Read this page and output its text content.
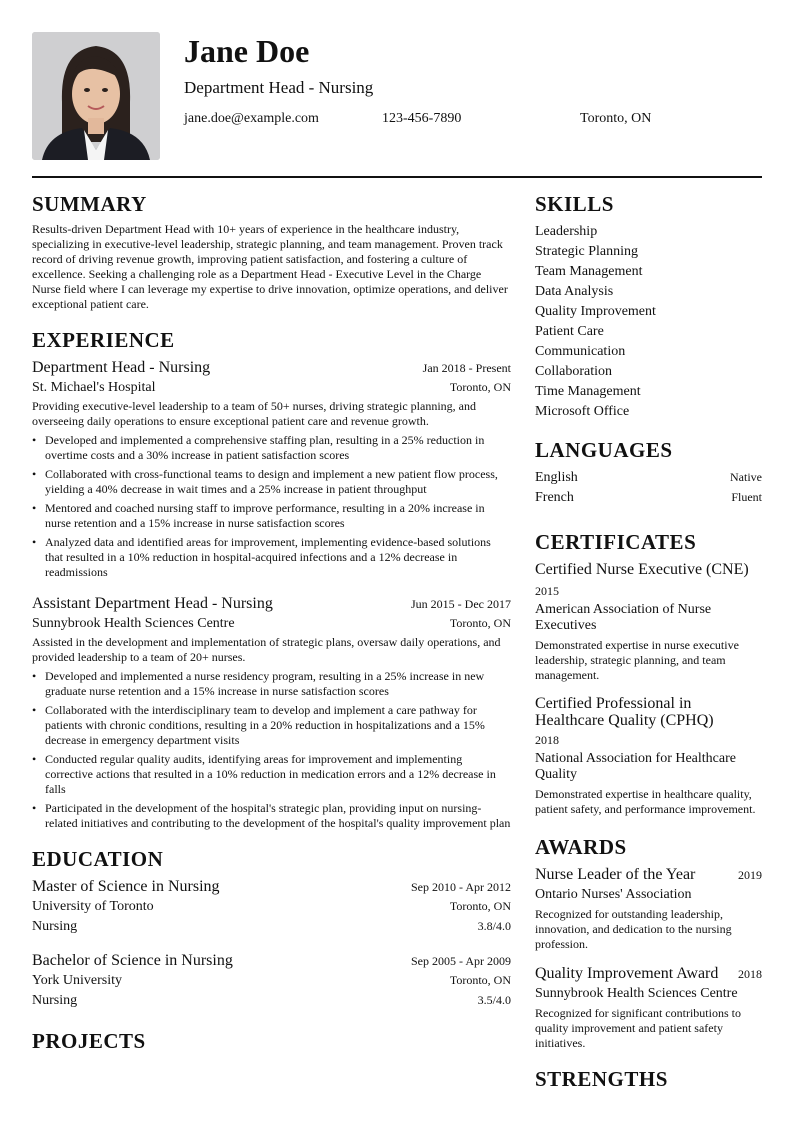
Jane Doe
Department Head - Nursing
jane.doe@example.com	123-456-7890	Toronto, ON
SUMMARY

Results-driven Department Head with 10+ years of experience in the healthcare industry, specializing in executive-level leadership, strategic planning, and team management. Proven track record of driving revenue growth, improving patient satisfaction, and fostering a culture of excellence. Seeking a challenging role as a Department Head - Executive Level in the Charge Nurse field where I can leverage my expertise to drive innovation, optimize operations, and deliver exceptional patient care.

EXPERIENCE
Department Head - Nursing	Jan 2018 - Present
St. Michael's Hospital	Toronto, ON

Providing executive-level leadership to a team of 50+ nurses, driving strategic planning, and overseeing daily operations to ensure exceptional patient care and revenue growth.

• Developed and implemented a comprehensive staffing plan, resulting in a 25% reduction in overtime costs and a 30% increase in patient satisfaction scores
• Collaborated with cross-functional teams to design and implement a new patient flow process, yielding a 40% decrease in wait times and a 25% increase in patient throughput
• Mentored and coached nursing staff to improve performance, resulting in a 20% increase in nurse retention and a 15% increase in nurse satisfaction scores
• Analyzed data and identified areas for improvement, implementing evidence-based solutions that resulted in a 10% reduction in hospital-acquired infections and a 12% decrease in readmissions
Assistant Department Head - Nursing	Jun 2015 - Dec 2017
Sunnybrook Health Sciences Centre	Toronto, ON

Assisted in the development and implementation of strategic plans, oversaw daily operations, and provided leadership to a team of 20+ nurses.

• Developed and implemented a nurse residency program, resulting in a 25% increase in new graduate nurse retention and a 15% increase in nurse satisfaction scores
• Collaborated with the interdisciplinary team to develop and implement a care pathway for patients with chronic conditions, resulting in a 20% reduction in hospitalizations and a 15% decrease in emergency department visits
• Conducted regular quality audits, identifying areas for improvement and implementing corrective actions that resulted in a 10% reduction in medication errors and a 12% decrease in falls
• Participated in the development of the hospital's strategic plan, providing input on nursing-related initiatives and contributing to the development of the hospital's quality improvement plan
EDUCATION
Master of Science in Nursing	Sep 2010 - Apr 2012
University of Toronto	Toronto, ON
Nursing	3.8/4.0
Bachelor of Science in Nursing	Sep 2005 - Apr 2009
York University	Toronto, ON
Nursing	3.5/4.0
PROJECTS
SKILLS
Leadership
Strategic Planning
Team Management
Data Analysis
Quality Improvement
Patient Care
Communication
Collaboration
Time Management
Microsoft Office
LANGUAGES
English	Native
French	Fluent
CERTIFICATES
Certified Nurse Executive (CNE)
2015
American Association of Nurse Executives
Demonstrated expertise in nurse executive leadership, strategic planning, and team management.
Certified Professional in Healthcare Quality (CPHQ)
2018
National Association for Healthcare Quality
Demonstrated expertise in healthcare quality, patient safety, and performance improvement.
AWARDS
Nurse Leader of the Year	2019
Ontario Nurses' Association
Recognized for outstanding leadership, innovation, and dedication to the nursing profession.
Quality Improvement Award 2018
Sunnybrook Health Sciences Centre
Recognized for significant contributions to quality improvement and patient safety initiatives.
STRENGTHS
